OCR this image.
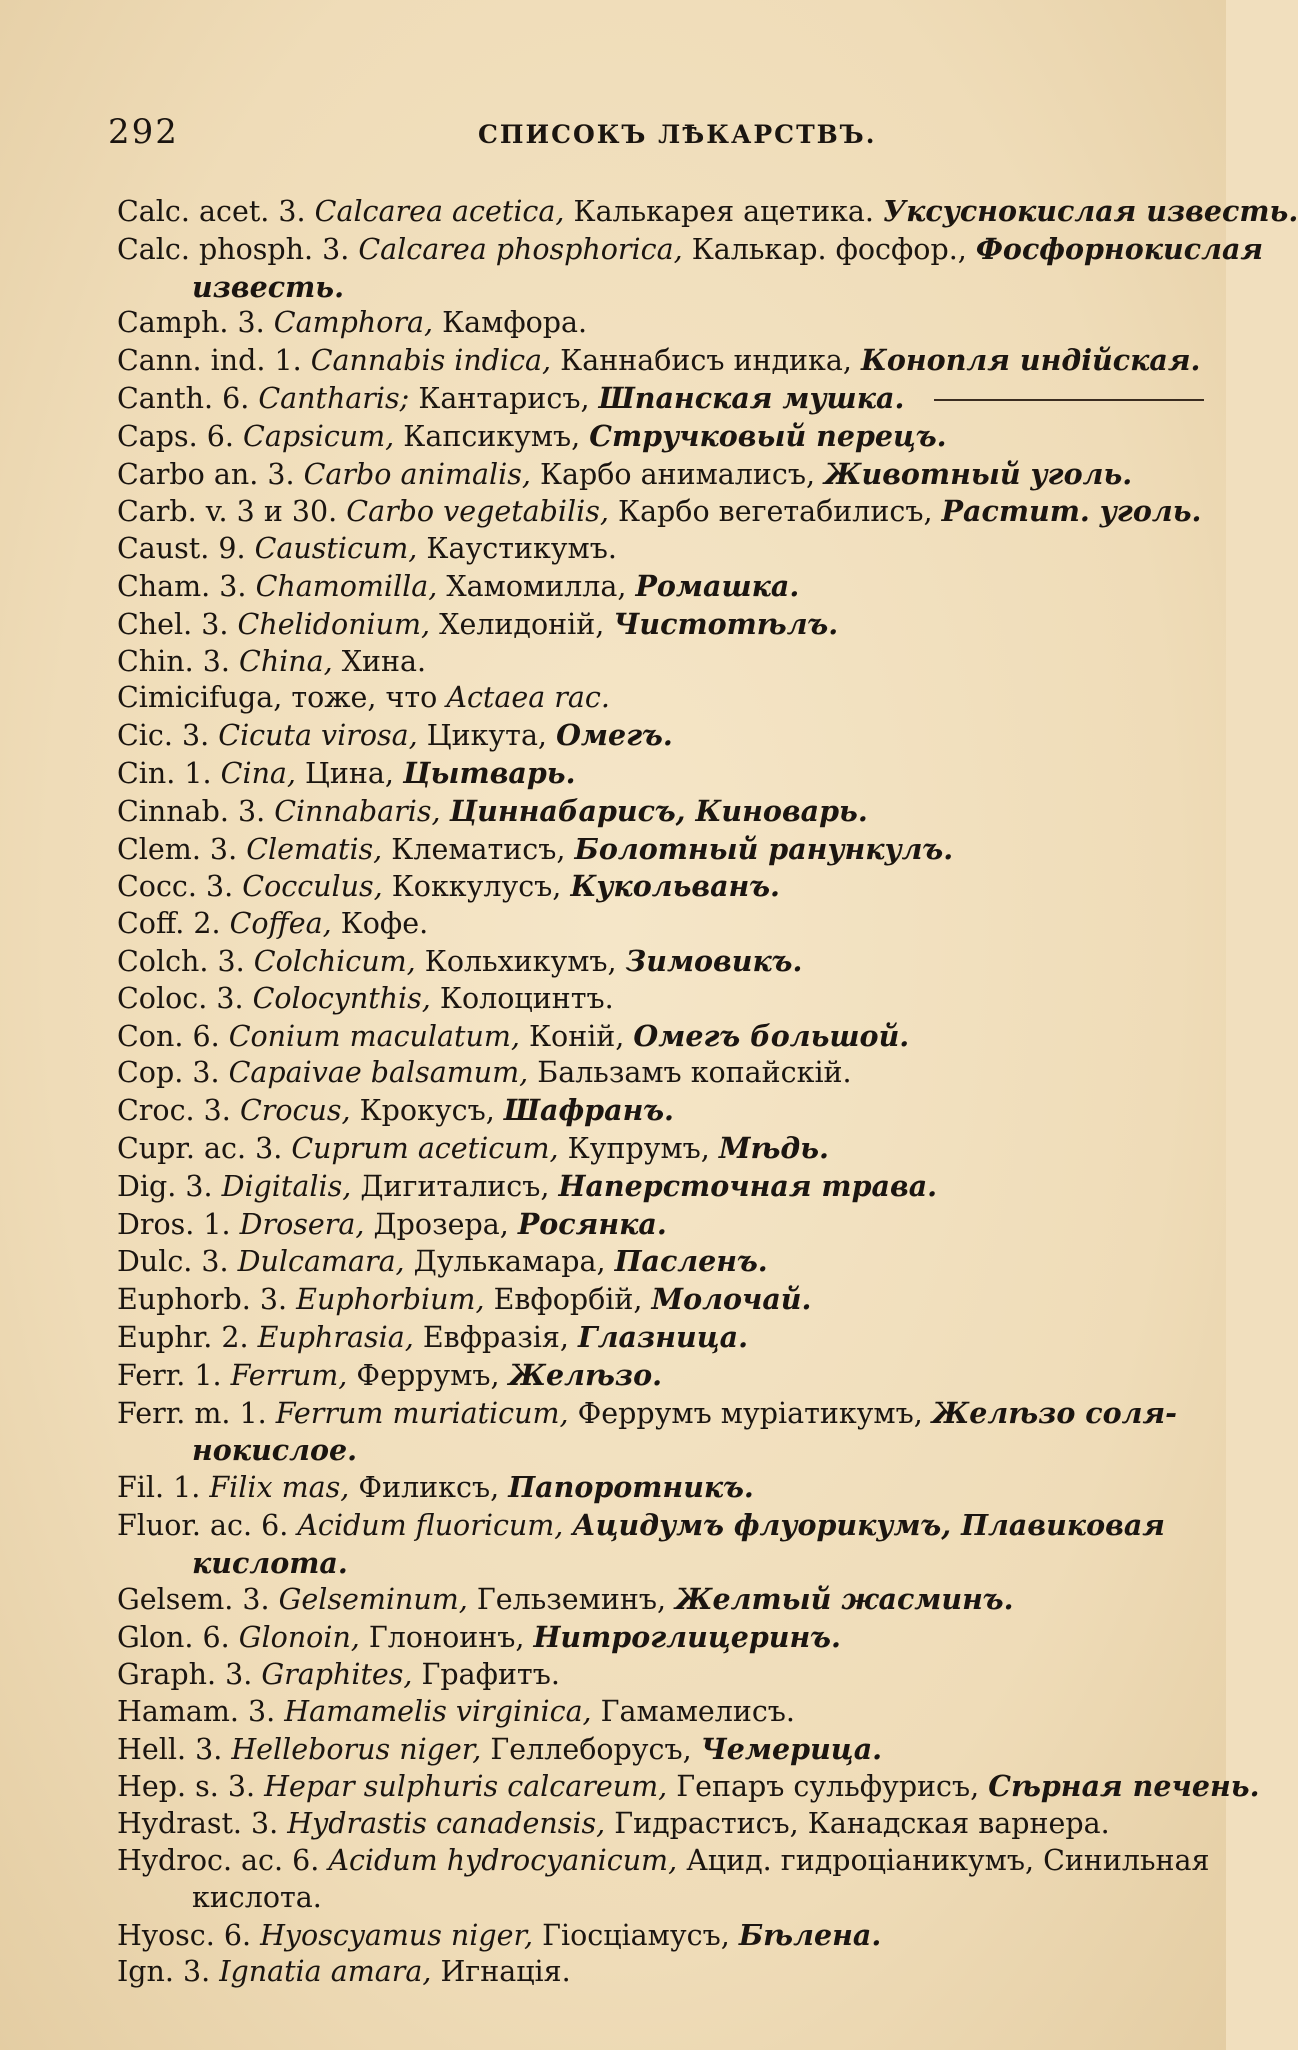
292	СПИСОКЪ ЛѢКАРСТВЪ.
Calc. acet. 3. Calcarea acetica, Калькарея ацетика. Уксуснокислая известь.
Calc. phosph. 3. Calcarea phosphorica, Калькар. фосфор., Фосфорнокислая
известь.
Camph. 3. Camphora, Камфора.
Cann. ind. 1. Cannabis indica, Каннабисъ индика, Конопля индійская.
Canth. 6. Cantharis; Кантарисъ, Шпанская мушка.
Caps. 6. Capsicum, Капсикумъ, Стручковый перецъ.
Carbo an. 3. Carbo animalis, Карбо анималисъ, Животный уголь.
Carb. v. 3 и 30. Carbo vegetabilis, Карбо вегетабилисъ, Растит. уголь.
Caust. 9. Causticum, Каустикумъ.
Cham. 3. Chamomilla, Хамомилла, Ромашка.
Chel. 3. Chelidonium, Хелидоній, Чистотѣлъ.
Chin. 3. China, Хина.
Cimicifuga, тоже, что Actaea rac.
Cic. 3. Cicuta virosa, Цикута, Омегъ.
Cin. 1. Cina, Цина, Цытварь.
Cinnab. 3. Cinnabaris, Циннабарисъ, Киноварь.
Clem. 3. Clematis, Клематисъ, Болотный ранункулъ.
Cocc. 3. Cocculus, Коккулусъ, Кукольванъ.
Coff. 2. Coffea, Кофе.
Colch. 3. Colchicum, Кольхикумъ, Зимовикъ.
Coloc. 3. Colocynthis, Колоцинтъ.
Con. 6. Conium maculatum, Коній, Омегъ большой.
Cop. 3. Capaivae balsamum, Бальзамъ копайскій.
Croc. 3. Crocus, Крокусъ, Шафранъ.
Cupr. ac. 3. Cuprum aceticum, Купрумъ, Мѣдь.
Dig. 3. Digitalis, Дигиталисъ, Наперсточная трава.
Dros. 1. Drosera, Дрозера, Росянка.
Dulc. 3. Dulcamara, Дулькамара, Пасленъ.
Euphorb. 3. Euphorbium, Евфорбій, Молочай.
Euphr. 2. Euphrasia, Евфразія, Глазница.
Ferr. 1. Ferrum, Феррумъ, Желѣзо.
Ferr. m. 1. Ferrum muriaticum, Феррумъ муріатикумъ, Желѣзо соля-
нокислое.
Fil. 1. Filix mas, Филиксъ, Папоротникъ.
Fluor. ac. 6. Acidum fluoricum, Ацидумъ флуорикумъ, Плавиковая
кислота.
Gelsem. 3. Gelseminum, Гельземинъ, Желтый жасминъ.
Glon. 6. Glonoin, Глоноинъ, Нитроглицеринъ.
Graph. 3. Graphites, Графитъ.
Hamam. 3. Hamamelis virginica, Гамамелисъ.
Hell. 3. Helleborus niger, Геллеборусъ, Чемерица.
Hep. s. 3. Hepar sulphuris calcareum, Гепаръ сульфурисъ, Сѣрная печень.
Hydrast. 3. Hydrastis canadensis, Гидрастисъ, Канадская варнера.
Hydroc. ac. 6. Acidum hydrocyanicum, Ацид. гидроціаникумъ, Синильная
кислота.
Hyosc. 6. Hyoscyamus niger, Гіосціамусъ, Бѣлена.
Ign. 3. Ignatia amara, Игнація.
